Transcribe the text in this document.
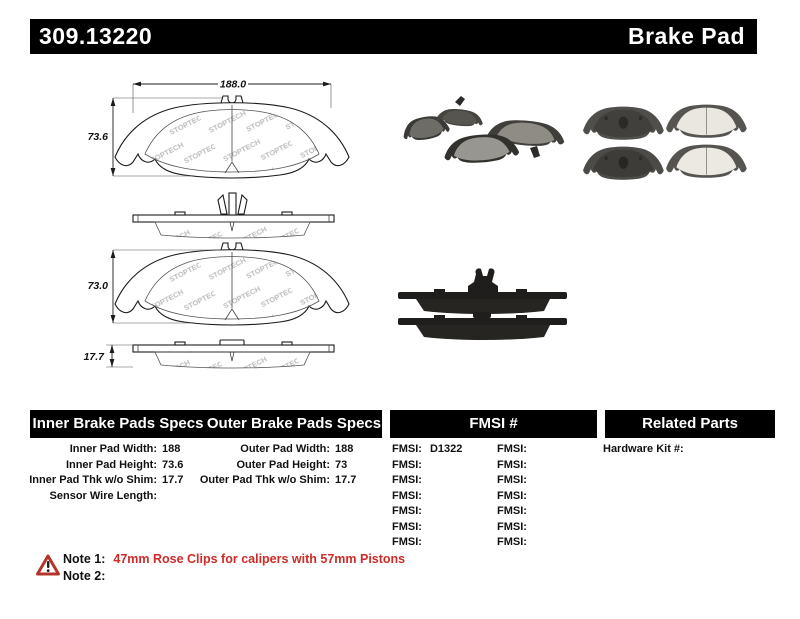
309.13220	Brake Pad
188.0
73.6
73.0
17.7
Inner Brake Pads Specs Outer Brake Pads Specs	FMSI #	Related Parts
Inner Pad Width: 188
Inner Pad Height: 73.6
Inner Pad Thk w/o Shim: 17.7
Sensor Wire Length:
Outer Pad Width: 188
Outer Pad Height: 73
Outer Pad Thk w/o Shim: 17.7
FMSI: D1322
FMSI:
FMSI:
FMSI:
FMSI:
FMSI:
FMSI:
FMSI:
FMSI:
FMSI:
FMSI:
FMSI:
FMSI:
FMSI:
Hardware Kit #:
Note 1: 47mm Rose Clips for calipers with 57mm Pistons
Note 2:
